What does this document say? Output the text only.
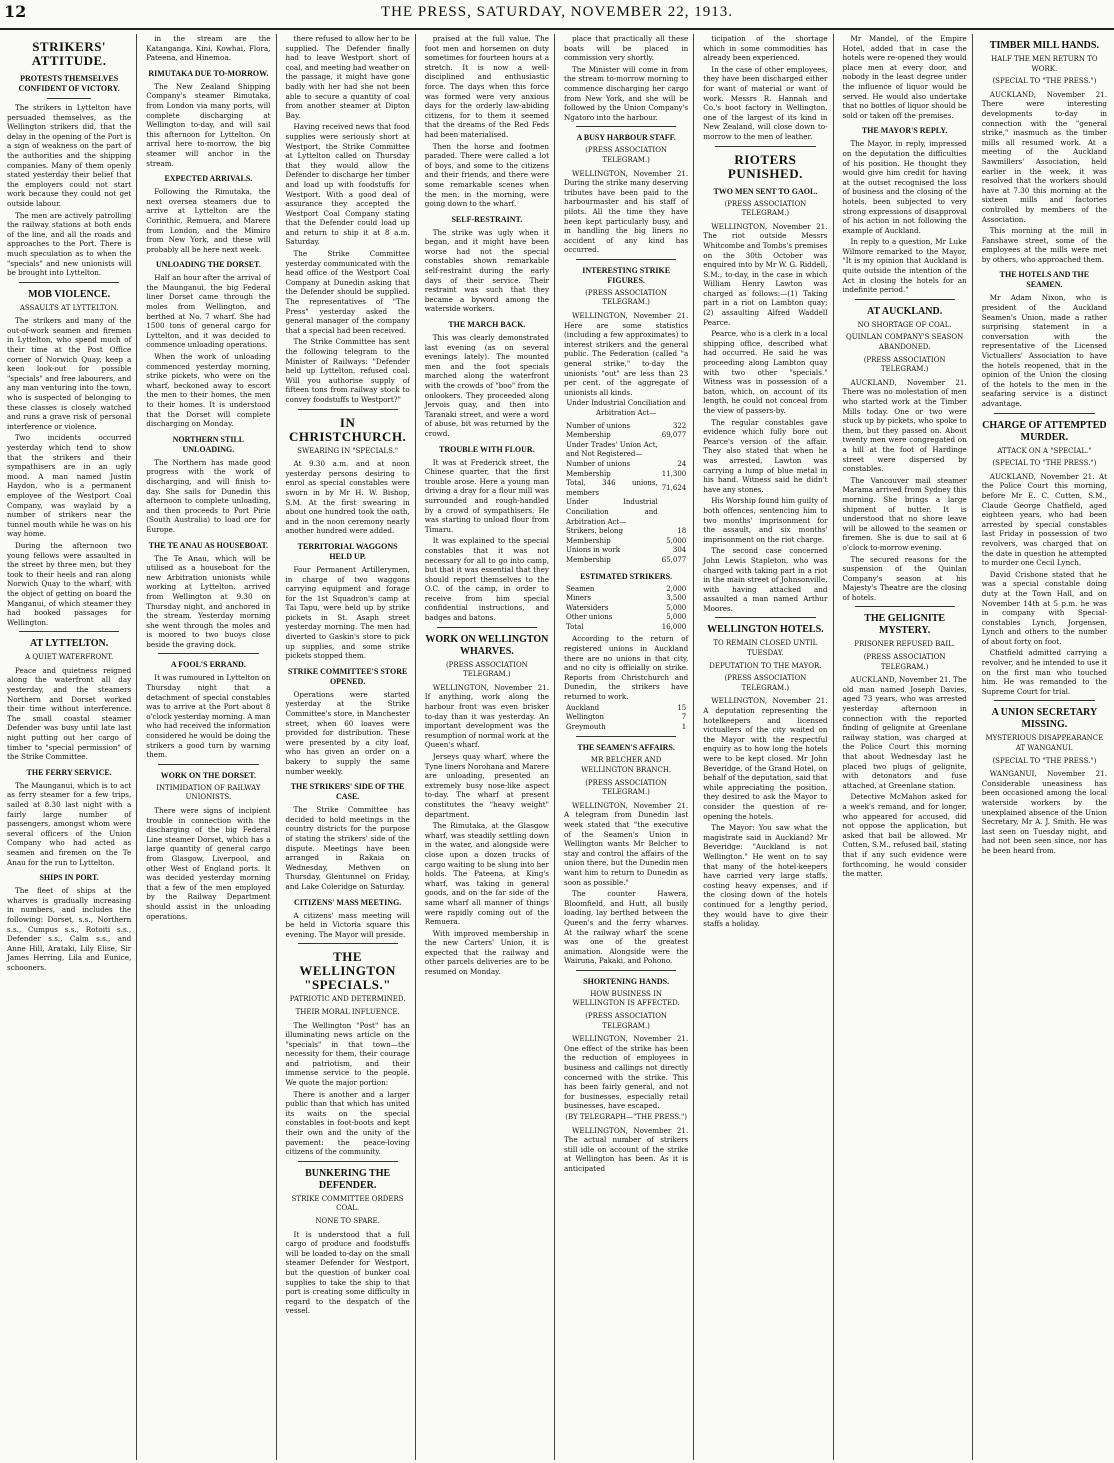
12	THE PRESS, SATURDAY, NOVEMBER 22, 1913.
STRIKERS' ATTITUDE.
PROTESTS THEMSELVES CONFIDENT OF VICTORY.

The strikers in Lyttelton have persuaded themselves, as the Wellington strikers did, that the delay in the opening of the Port is a sign of weakness on the part of the authorities and the shipping companies. Many of them openly stated yesterday their belief that the employers could not start work because they could not get outside labour.

The men are actively patrolling the railway stations at both ends of the line, and all the roads and approaches to the Port. There is much speculation as to when the "specials" and new unionists will be brought into Lyttelton.

MOB VIOLENCE.
ASSAULTS AT LYTTELTON.

The strikers and many of the out-of-work seamen and firemen in Lyttelton, who spend much of their time at the Post Office corner of Norwich Quay, keep a keen look-out for possible "specials" and free labourers, and any man venturing into the town, who is suspected of belonging to these classes is closely watched and runs a grave risk of personal interference or violence.

Two incidents occurred yesterday which tend to show that the strikers and their sympathisers are in an ugly mood. A man named Justin Haydon, who is a permanent employee of the Westport Coal Company, was waylaid by a number of strikers near the tunnel mouth while he was on his way home.

During the afternoon two young fellows were assaulted in the street by three men, but they took to their heels and ran along Norwich Quay to the wharf, with the object of getting on board the Manganui, of which steamer they had booked passages for Wellington.

AT LYTTELTON.
A QUIET WATERFRONT.

Peace and quietness reigned along the waterfront all day yesterday, and the steamers Northern and Dorset worked their time without interference. The small coastal steamer Defender was busy until late last night putting out her cargo of timber to "special permission" of the Strike Committee.

THE FERRY SERVICE.

The Maunganui, which is to act as ferry steamer for a few trips, sailed at 8.30 last night with a fairly large number of passengers, amongst whom were several officers of the Union Company who had acted as seamen and firemen on the Te Anau for the run to Lyttelton.

SHIPS IN PORT.

The fleet of ships at the wharves is gradually increasing in numbers, and includes the following: Dorset, s.s., Northern s.s., Cumpus s.s., Rotoiti s.s., Defender s.s., Calm s.s., and Anne Hill, Arataki, Lily Elise, Sir James Herring, Lila and Eunice, schooners.

in the stream are the Katanganga, Kini, Kowhai, Flora, Pateena, and Hinemoa.

RIMUTAKA DUE TO-MORROW.

The New Zealand Shipping Company's steamer Rimutaka, from London via many ports, will complete discharging at Wellington to-day, and will sail this afternoon for Lyttelton. On arrival here to-morrow, the big steamer will anchor in the stream.

EXPECTED ARRIVALS.

Following the Rimutaka, the next oversea steamers due to arrive at Lyttelton are the Corinthic, Remuera, and Marere from London, and the Mimiro from New York, and these will probably all be here next week.

UNLOADING THE DORSET.

Half an hour after the arrival of the Maunganui, the big Federal liner Dorset came through the moles from Wellington, and berthed at No. 7 wharf. She had 1500 tons of general cargo for Lyttelton, and it was decided to commence unloading operations.

When the work of unloading commenced yesterday morning, strike pickets, who were on the wharf, beckoned away to escort the men to their homes, the men to their homes. It is understood that the Dorset will complete discharging on Monday.

NORTHERN STILL UNLOADING.

The Northern has made good progress with the work of discharging, and will finish to-day. She sails for Dunedin this afternoon to complete unloading, and then proceeds to Port Pirie (South Australia) to load ore for Europe.

THE TE ANAU AS HOUSEBOAT.

The Te Anau, which will be utilised as a houseboat for the new Arbitration unionists while working at Lyttelton, arrived from Wellington at 9.30 on Thursday night, and anchored in the stream. Yesterday morning she went through the moles and is moored to two buoys close beside the graving dock.

A FOOL'S ERRAND.

It was rumoured in Lyttelton on Thursday night that a detachment of special constables was to arrive at the Port about 8 o'clock yesterday morning. A man who had received the information considered he would be doing the strikers a good turn by warning them.

WORK ON THE DORSET.
INTIMIDATION OF RAILWAY UNIONISTS.

There were signs of incipient trouble in connection with the discharging of the big Federal Line steamer Dorset, which has a large quantity of general cargo from Glasgow, Liverpool, and other West of England ports. It was decided yesterday morning that a few of the men employed by the Railway Department should assist in the unloading operations.

there refused to allow her to be supplied. The Defender finally had to leave Westport short of coal, and meeting bad weather on the passage, it might have gone badly with her had she not been able to secure a quantity of coal from another steamer at Dipton Bay.

Having received news that food supplies were seriously short at Westport, the Strike Committee at Lyttelton called on Thursday that they would allow the Defender to discharge her timber and load up with foodstuffs for Westport. With a good deal of assurance they accepted the Westport Coal Company stating that the Defender could load up and return to ship it at 8 a.m. Saturday.

The Strike Committee yesterday communicated with the head office of the Westport Coal Company at Dunedin asking that the Defender should be supplied. The representatives of "The Press" yesterday asked the general manager of the company that a special had been received.

The Strike Committee has sent the following telegram to the Minister of Railways: "Defender held up Lyttelton, refused coal. Will you authorise supply of fifteen tons from railway stock to convey foodstuffs to Westport?"

IN CHRISTCHURCH.
SWEARING IN "SPECIALS."

At 9.30 a.m. and at noon yesterday persons desiring to enrol as special constables were sworn in by Mr H. W. Bishop, S.M. At the first swearing in about one hundred took the oath, and in the noon ceremony nearly another hundred were added.

TERRITORIAL WAGGONS HELD UP.

Four Permanent Artillerymen, in charge of two waggons carrying equipment and forage for the 1st Squadron's camp at Tai Tapu, were held up by strike pickets in St. Asaph street yesterday morning. The men had diverted to Gaskin's store to pick up supplies, and some strike pickets stopped them.

STRIKE COMMITTEE'S STORE OPENED.

Operations were started yesterday at the Strike Committee's store, in Manchester street, when 60 loaves were provided for distribution. These were presented by a city loaf, who has given an order on a bakery to supply the same number weekly.

THE STRIKERS' SIDE OF THE CASE.

The Strike Committee has decided to hold meetings in the country districts for the purpose of stating the strikers' side of the dispute. Meetings have been arranged in Rakaia on Wednesday, Methven on Thursday, Glentunnel on Friday, and Lake Coleridge on Saturday.

CITIZENS' MASS MEETING.

A citizens' mass meeting will be held in Victoria square this evening. The Mayor will preside.

THE WELLINGTON "SPECIALS."
PATRIOTIC AND DETERMINED.
THEIR MORAL INFLUENCE.

The Wellington "Post" has an illuminating news article on the "specials" in that town—the necessity for them, their courage and patriotism, and their immense service to the people. We quote the major portion:

There is another and a larger public than that which has united its waits on the special constables in foot-boots and kept their own and the unity of the pavement: the peace-loving citizens of the community.

BUNKERING THE DEFENDER.
STRIKE COMMITTEE ORDERS COAL.
NONE TO SPARE.

It is understood that a full cargo of produce and foodstuffs will be loaded to-day on the small steamer Defender for Westport, but the question of bunker coal supplies to take the ship to that port is creating some difficulty in regard to the despatch of the vessel.

praised at the full value. The foot men and horsemen on duty sometimes for fourteen hours at a stretch. It is now a well-disciplined and enthusiastic force. The days when this force was formed were very anxious days for the orderly law-abiding citizens, for to them it seemed that the dreams of the Red Feds had been materialised.

Then the horse and footmen paraded. There were called a lot of boys, and some to the citizens and their friends, and there were some remarkable scenes when the men, in the morning, were going down to the wharf.

SELF-RESTRAINT.

The strike was ugly when it began, and it might have been worse had not the special constables shown remarkable self-restraint during the early days of their service. Their restraint was such that they became a byword among the waterside workers.

THE MARCH BACK.

This was clearly demonstrated last evening (as on several evenings lately). The mounted men and the foot specials marched along the waterfront with the crowds of "boo" from the onlookers. They proceeded along Jervois quay, and then into Taranaki street, and were a word of abuse, bit was returned by the crowd.

TROUBLE WITH FLOUR.

It was at Frederick street, the Chinese quarter, that the first trouble arose. Here a young man driving a dray for a flour mill was surrounded and rough-handled by a crowd of sympathisers. He was starting to unload flour from Timaru.

It was explained to the special constables that it was not necessary for all to go into camp, but that it was essential that they should report themselves to the O.C. of the camp, in order to receive from him special confidential instructions, and badges and batons.

WORK ON WELLINGTON WHARVES.
(PRESS ASSOCIATION TELEGRAM.)

WELLINGTON, November 21. If anything, work along the harbour front was even brisker to-day than it was yesterday. An important development was the resumption of normal work at the Queen's wharf.

Jerseys quay wharf, where the Tyne liners Norohana and Marere are unloading, presented an extremely busy nose-like aspect to-day. The wharf at present constitutes the "heavy weight" department.

The Rimutaka, at the Glasgow wharf, was steadily settling down in the water, and alongside were close upon a dozen trucks of cargo waiting to be slung into her holds. The Pateena, at King's wharf, was taking in general goods, and on the far side of the same wharf all manner of things were rapidly coming out of the Remuera.

With improved membership in the new Carters' Union, it is expected that the railway and other parcels deliveries are to be resumed on Monday.

place that practically all these boats will be placed in commission very shortly.

The Minister will come in from the stream to-morrow morning to commence discharging her cargo from New York, and she will be followed by the Union Company's Ngatoro into the harbour.

A BUSY HARBOUR STAFF.
(PRESS ASSOCIATION TELEGRAM.)

WELLINGTON, November 21. During the strike many deserving tributes have been paid to the harbourmaster and his staff of pilots. All the time they have been kept particularly busy, and in handling the big liners no accident of any kind has occurred.

INTERESTING STRIKE FIGURES.
(PRESS ASSOCIATION TELEGRAM.)

WELLINGTON, November 21. Here are some statistics (including a few approximates) to interest strikers and the general public. The Federation (called "a general strike," to-day the unionists "out" are less than 23 per cent. of the aggregate of unionists all kinds.

Under Industrial Conciliation and Arbitration Act—
Number of unions	322
Membership	69,077
Under Trades' Union Act, and Not Registered—	
Number of unions	24
Membership	11,300
Total, 346 unions, members	71,624
Under Industrial Conciliation and Arbitration Act—	
Strikers, belong	18
Membership	5,000
Unions in work	304
Membership	65,077
ESTIMATED STRIKERS.
Seamen	2,000
Miners	3,500
Watersiders	5,000
Other unions	5,000
Total	16,000

According to the return of registered unions in Auckland there are no unions in that city, and no city is officially on strike. Reports from Christchurch and Dunedin, the strikers have returned to work.

Auckland	15
Wellington	7
Greymouth	1
THE SEAMEN'S AFFAIRS.
MR BELCHER AND WELLINGTON BRANCH.
(PRESS ASSOCIATION TELEGRAM.)

WELLINGTON, November 21. A telegram from Dunedin last week stated that "the executive of the Seamen's Union in Wellington wants Mr Belcher to stay and control the affairs of the union there, but the Dunedin men want him to return to Dunedin as soon as possible."

The counter Hawera, Bloomfield, and Hutt, all busily loading, lay berthed between the Queen's and the ferry wharves. At the railway wharf the scene was one of the greatest animation. Alongside were the Wairuna, Pakaki, and Pohono.

SHORTENING HANDS.
HOW BUSINESS IN WELLINGTON IS AFFECTED.
(PRESS ASSOCIATION TELEGRAM.)

WELLINGTON, November 21. One effect of the strike has been the reduction of employees in business and callings not directly concerned with the strike. This has been fairly general, and not for businesses, especially retail businesses, have escaped.

(BY TELEGRAPH—"THE PRESS.")

WELLINGTON, November 21. The actual number of strikers still idle on account of the strike at Wellington has been. As it is anticipated

ticipation of the shortage which in some commodities has already been experienced.

In the case of other employees, they have been discharged either for want of material or want of work. Messrs R. Hannah and Co.'s boot factory in Wellington, one of the largest of its kind in New Zealand, will close down to-morrow to the men of leather.

RIOTERS PUNISHED.
TWO MEN SENT TO GAOL.
(PRESS ASSOCIATION TELEGRAM.)

WELLINGTON, November 21. The riot outside Messrs Whitcombe and Tombs's premises on the 30th October was enquired into by Mr W. G. Riddell, S.M., to-day, in the case in which William Henry Lawton was charged as follows:—(1) Taking part in a riot on Lambton quay; (2) assaulting Alfred Waddell Pearce.

Pearce, who is a clerk in a local shipping office, described what had occurred. He said he was proceeding along Lambton quay with two other "specials." Witness was in possession of a baton, which, on account of its length, he could not conceal from the view of passers-by.

The regular constables gave evidence which fully bore out Pearce's version of the affair. They also stated that when he was arrested, Lawton was carrying a lump of blue metal in his hand. Witness said he didn't have any stones.

His Worship found him guilty of both offences, sentencing him to two months' imprisonment for the assault, and six months' imprisonment on the riot charge.

The second case concerned John Lewis Stapleton, who was charged with taking part in a riot in the main street of Johnsonville, with having attacked and assaulted a man named Arthur Moores.

WELLINGTON HOTELS.
TO REMAIN CLOSED UNTIL TUESDAY.
DEPUTATION TO THE MAYOR.
(PRESS ASSOCIATION TELEGRAM.)

WELLINGTON, November 21. A deputation representing the hotelkeepers and licensed victuallers of the city waited on the Mayor with the respectful enquiry as to how long the hotels were to be kept closed. Mr John Beveridge, of the Grand Hotel, on behalf of the deputation, said that while appreciating the position, they desired to ask the Mayor to consider the question of re-opening the hotels.

The Mayor: You saw what the magistrate said in Auckland? Mr Beveridge: "Auckland is not Wellington." He went on to say that many of the hotel-keepers have carried very large staffs, costing heavy expenses, and if the closing down of the hotels continued for a lengthy period, they would have to give their staffs a holiday.

Mr Mandel, of the Empire Hotel, added that in case the hotels were re-opened they would place men at every door, and nobody in the least degree under the influence of liquor would be served. He would also undertake that no bottles of liquor should be sold or taken off the premises.

THE MAYOR'S REPLY.

The Mayor, in reply, impressed on the deputation the difficulties of his position. He thought they would give him credit for having at the outset recognised the loss of business and the closing of the hotels, been subjected to very strong expressions of disapproval of his action in not following the example of Auckland.

In reply to a question, Mr Luke Wilmore remarked to the Mayor, "It is my opinion that Auckland is quite outside the intention of the Act in closing the hotels for an indefinite period."

AT AUCKLAND.
NO SHORTAGE OF COAL.
QUINLAN COMPANY'S SEASON ABANDONED.
(PRESS ASSOCIATION TELEGRAM.)

AUCKLAND, November 21. There was no molestation of men who started work at the Timber Mills today. One or two were stuck up by pickets, who spoke to them, but they passed on. About twenty men were congregated on a hill at the foot of Hardinge street were dispersed by constables.

The Vancouver mail steamer Marama arrived from Sydney this morning. She brings a large shipment of butter. It is understood that no shore leave will be allowed to the seamen or firemen. She is due to sail at 6 o'clock to-morrow evening.

The secured reasons for the suspension of the Quinlan Company's season at his Majesty's Theatre are the closing of hotels.

THE GELIGNITE MYSTERY.
PRISONER REFUSED BAIL.
(PRESS ASSOCIATION TELEGRAM.)

AUCKLAND, November 21. The old man named Joseph Davies, aged 73 years, who was arrested yesterday afternoon in connection with the reported finding of gelignite at Greenlane railway station, was charged at the Police Court this morning that about Wednesday last he placed two plugs of gelignite, with detonators and fuse attached, at Greenlane station.

Detective McMahon asked for a week's remand, and for longer, who appeared for accused, did not oppose the application, but asked that bail be allowed. Mr Cutten, S.M., refused bail, stating that if any such evidence were forthcoming, he would consider the matter.

TIMBER MILL HANDS.
HALF THE MEN RETURN TO WORK.
(SPECIAL TO "THE PRESS.")

AUCKLAND, November 21. There were interesting developments to-day in connection with the "general strike," inasmuch as the timber mills all resumed work. At a meeting of the Auckland Sawmillers' Association, held earlier in the week, it was resolved that the workers should have at 7.30 this morning at the sixteen mills and factories controlled by members of the Association.

This morning at the mill in Fanshawe street, some of the employees at the mills were met by others, who approached them.

THE HOTELS AND THE SEAMEN.

Mr Adam Nixon, who is president of the Auckland Seamen's Union, made a rather surprising statement in a conversation with the representative of the Licensed Victuallers' Association to have the hotels reopened, that in the opinion of the Union the closing of the hotels to the men in the seafaring service is a distinct advantage.

CHARGE OF ATTEMPTED MURDER.
ATTACK ON A "SPECIAL."
(SPECIAL TO "THE PRESS.")

AUCKLAND, November 21. At the Police Court this morning, before Mr E. C. Cutten, S.M., Claude George Chatfield, aged eighteen years, who had been arrested by special constables last Friday in possession of two revolvers, was charged that on the date in question he attempted to murder one Cecil Lynch.

David Crisbone stated that he was a special constable doing duty at the Town Hall, and on November 14th at 5 p.m. he was in company with Special-constables Lynch, Jorgensen, Lynch and others to the number of about forty on foot.

Chatfield admitted carrying a revolver, and he intended to use it on the first man who touched him. He was remanded to the Supreme Court for trial.

A UNION SECRETARY MISSING.
MYSTERIOUS DISAPPEARANCE AT WANGANUI.
(SPECIAL TO "THE PRESS.")

WANGANUI, November 21. Considerable uneasiness has been occasioned among the local waterside workers by the unexplained absence of the Union Secretary, Mr A. J. Smith. He was last seen on Tuesday night, and had not been seen since, nor has he been heard from.
